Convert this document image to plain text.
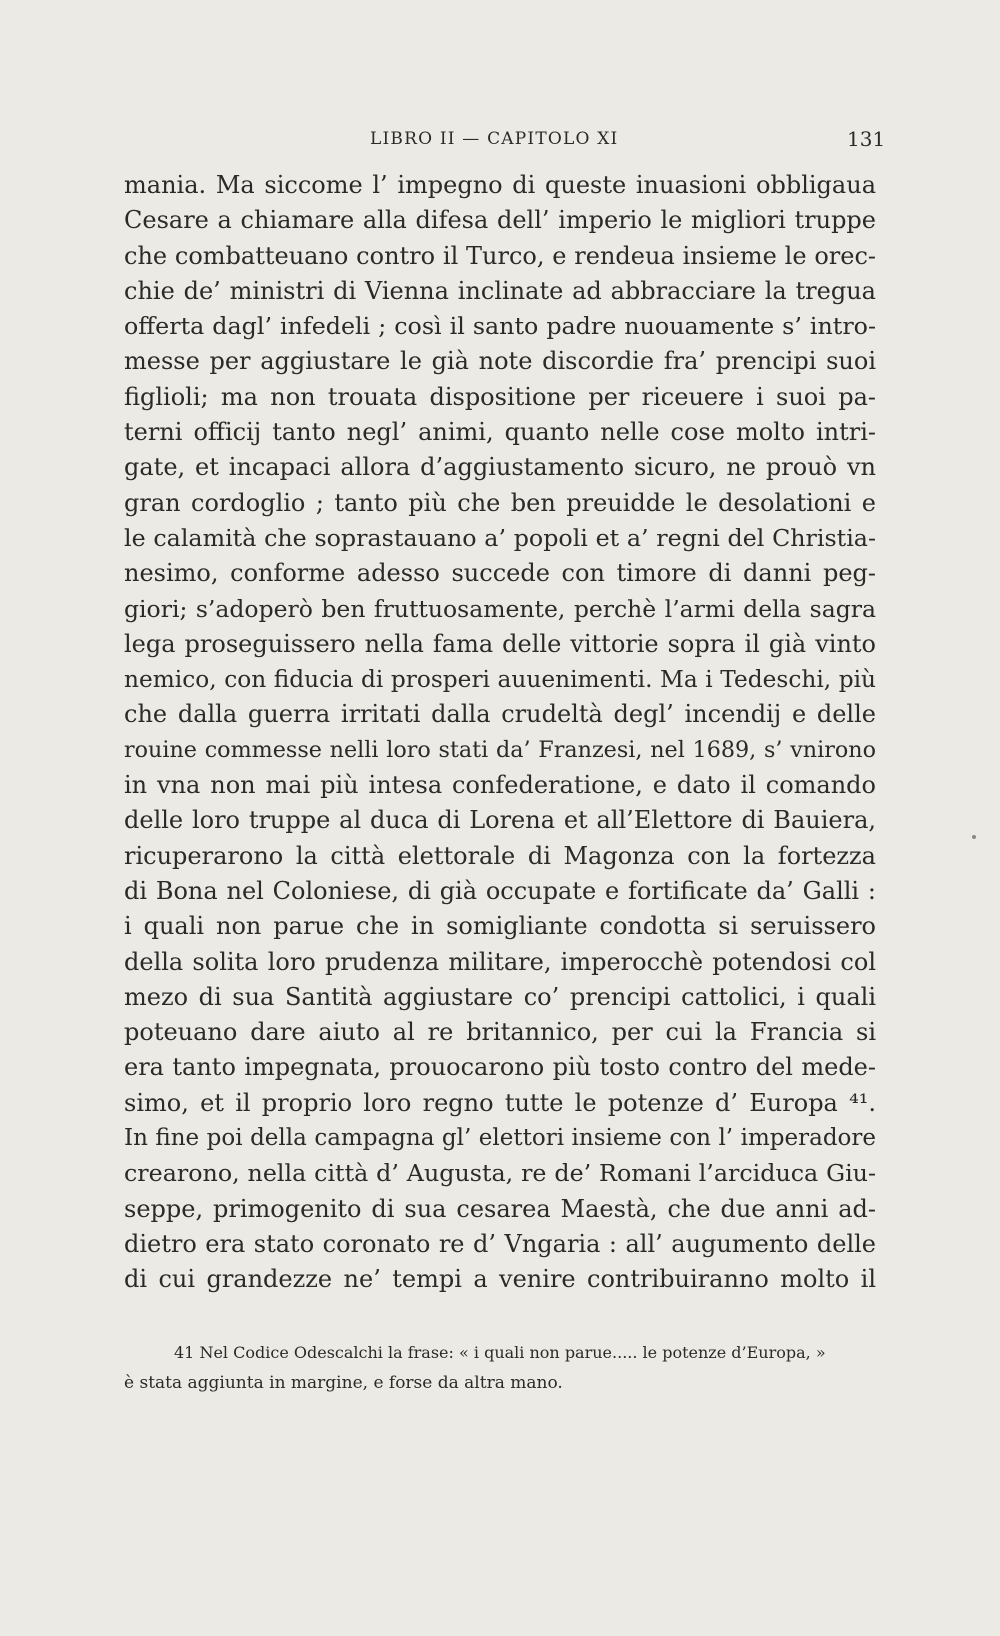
LIBRO II — CAPITOLO XI	131
mania. Ma siccome l’ impegno di queste inuasioni obbligaua
Cesare a chiamare alla difesa dell’ imperio le migliori truppe
che combatteuano contro il Turco, e rendeua insieme le orec-
chie de’ ministri di Vienna inclinate ad abbracciare la tregua
offerta dagl’ infedeli ; così il santo padre nuouamente s’ intro-
messe per aggiustare le già note discordie fra’ prencipi suoi
figlioli; ma non trouata dispositione per riceuere i suoi pa-
terni officij tanto negl’ animi, quanto nelle cose molto intri-
gate, et incapaci allora d’aggiustamento sicuro, ne prouò vn
gran cordoglio ; tanto più che ben preuidde le desolationi e
le calamità che soprastauano a’ popoli et a’ regni del Christia-
nesimo, conforme adesso succede con timore di danni peg-
giori; s’adoperò ben fruttuosamente, perchè l’armi della sagra
lega proseguissero nella fama delle vittorie sopra il già vinto
nemico, con fiducia di prosperi auuenimenti. Ma i Tedeschi, più
che dalla guerra irritati dalla crudeltà degl’ incendij e delle
rouine commesse nelli loro stati da’ Franzesi, nel 1689, s’ vnirono
in vna non mai più intesa confederatione, e dato il comando
delle loro truppe al duca di Lorena et all’Elettore di Bauiera,
ricuperarono la città elettorale di Magonza con la fortezza
di Bona nel Coloniese, di già occupate e fortificate da’ Galli :
i quali non parue che in somigliante condotta si seruissero
della solita loro prudenza militare, imperocchè potendosi col
mezo di sua Santità aggiustare co’ prencipi cattolici, i quali
poteuano dare aiuto al re britannico, per cui la Francia si
era tanto impegnata, prouocarono più tosto contro del mede-
simo, et il proprio loro regno tutte le potenze d’ Europa ⁴¹.
In fine poi della campagna gl’ elettori insieme con l’ imperadore
crearono, nella città d’ Augusta, re de’ Romani l’arciduca Giu-
seppe, primogenito di sua cesarea Maestà, che due anni ad-
dietro era stato coronato re d’ Vngaria : all’ augumento delle
di cui grandezze ne’ tempi a venire contribuiranno molto il
41 Nel Codice Odescalchi la frase: « i quali non parue..... le potenze d’Europa, »
è stata aggiunta in margine, e forse da altra mano.
